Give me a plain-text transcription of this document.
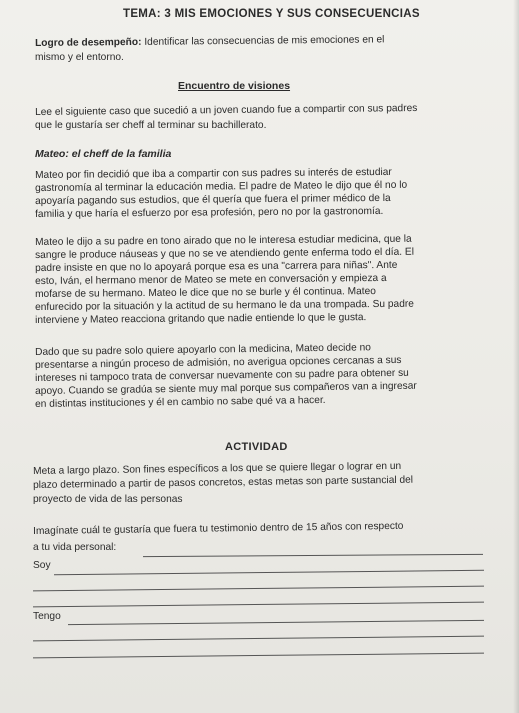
TEMA: 3 MIS EMOCIONES Y SUS CONSECUENCIAS
Logro de desempeño: Identificar las consecuencias de mis emociones en el
mismo y el entorno.
Encuentro de visiones
Lee el siguiente caso que sucedió a un joven cuando fue a compartir con sus padres
que le gustaría ser cheff al terminar su bachillerato.
Mateo: el cheff de la familia
Mateo por fin decidió que iba a compartir con sus padres su interés de estudiar
gastronomía al terminar la educación media. El padre de Mateo le dijo que él no lo
apoyaría pagando sus estudios, que él quería que fuera el primer médico de la
familia y que haría el esfuerzo por esa profesión, pero no por la gastronomía.
Mateo le dijo a su padre en tono airado que no le interesa estudiar medicina, que la
sangre le produce náuseas y que no se ve atendiendo gente enferma todo el día. El
padre insiste en que no lo apoyará porque esa es una "carrera para niñas". Ante
esto, Iván, el hermano menor de Mateo se mete en conversación y empieza a
mofarse de su hermano. Mateo le dice que no se burle y él continua. Mateo
enfurecido por la situación y la actitud de su hermano le da una trompada. Su padre
interviene y Mateo reacciona gritando que nadie entiende lo que le gusta.
Dado que su padre solo quiere apoyarlo con la medicina, Mateo decide no
presentarse a ningún proceso de admisión, no averigua opciones cercanas a sus
intereses ni tampoco trata de conversar nuevamente con su padre para obtener su
apoyo. Cuando se gradúa se siente muy mal porque sus compañeros van a ingresar
en distintas instituciones y él en cambio no sabe qué va a hacer.
ACTIVIDAD
Meta a largo plazo. Son fines específicos a los que se quiere llegar o lograr en un
plazo determinado a partir de pasos concretos, estas metas son parte sustancial del
proyecto de vida de las personas
Imagínate cuál te gustaría que fuera tu testimonio dentro de 15 años con respecto
a tu vida personal:
Soy
Tengo
